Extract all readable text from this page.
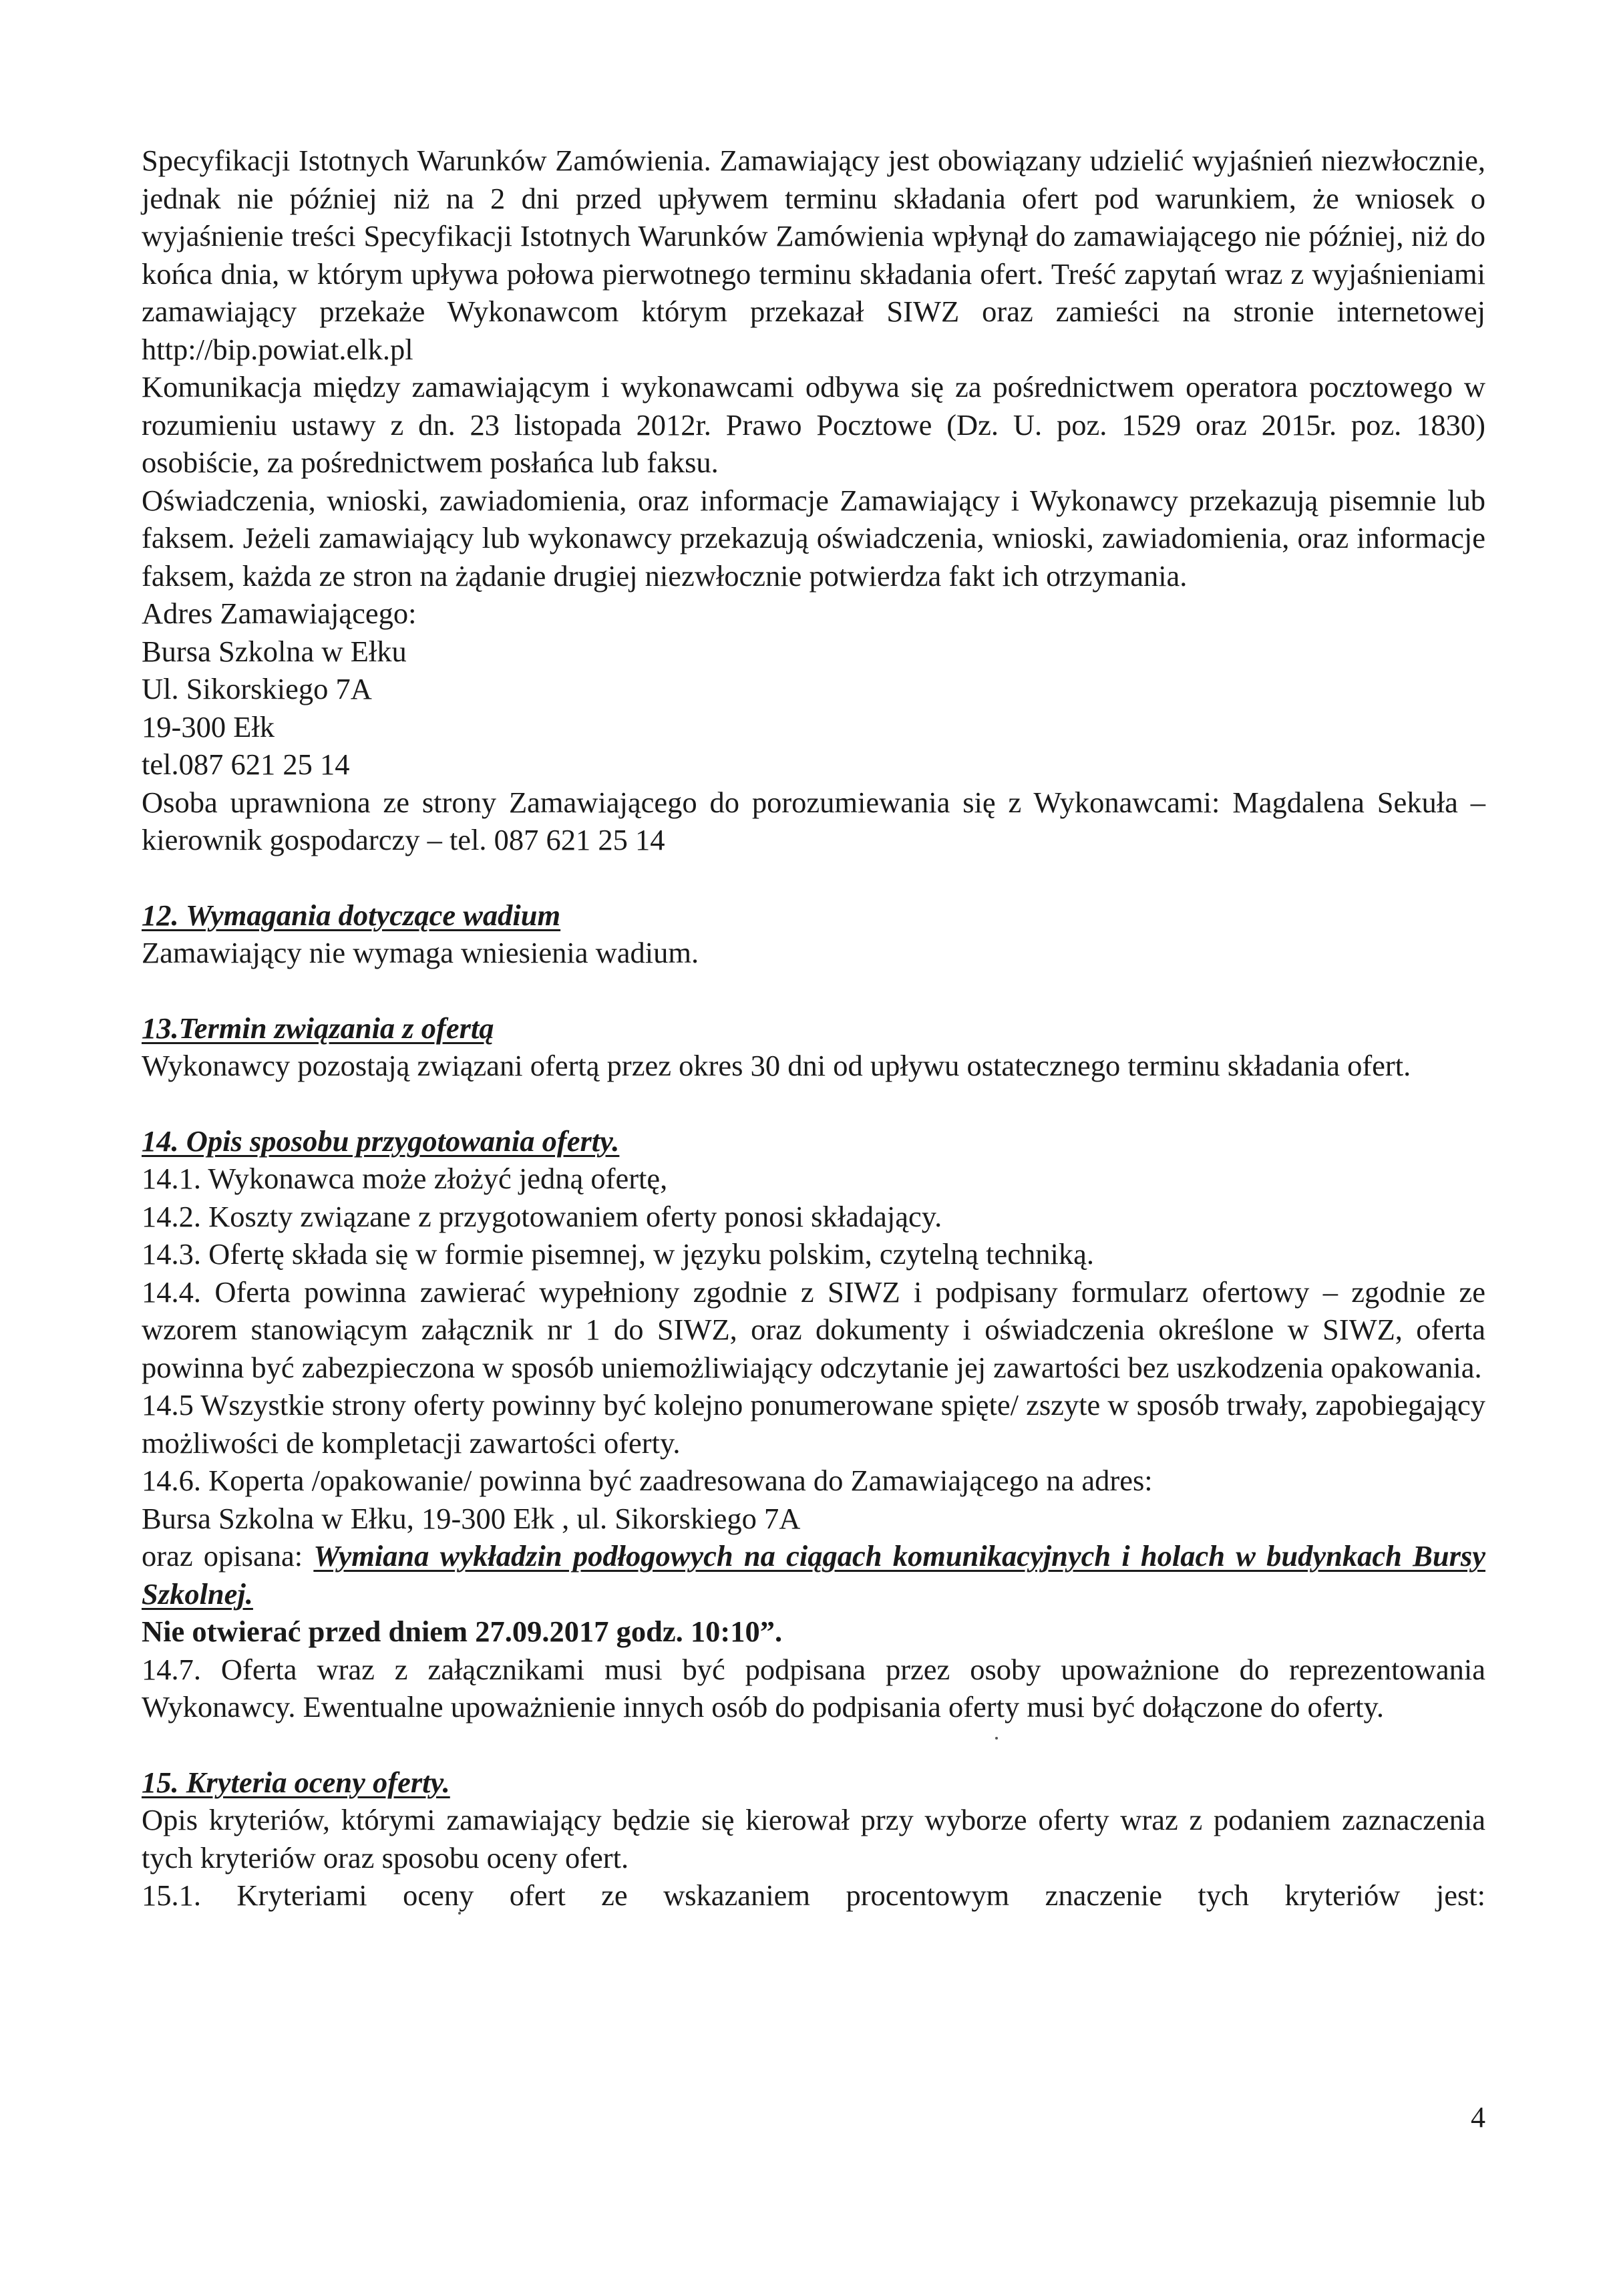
Specyfikacji Istotnych Warunków Zamówienia. Zamawiający jest obowiązany udzielić wyjaśnień niezwłocznie, jednak nie później niż na 2 dni przed upływem terminu składania ofert pod warunkiem, że wniosek o wyjaśnienie treści Specyfikacji Istotnych Warunków Zamówienia wpłynął do zamawiającego nie później, niż do końca dnia, w którym upływa połowa pierwotnego terminu składania ofert. Treść zapytań wraz z wyjaśnieniami zamawiający przekaże Wykonawcom którym przekazał SIWZ oraz zamieści na stronie internetowej http://bip.powiat.elk.pl

Komunikacja między zamawiającym i wykonawcami odbywa się za pośrednictwem operatora pocztowego w rozumieniu ustawy z dn. 23 listopada 2012r. Prawo Pocztowe (Dz. U. poz. 1529 oraz 2015r. poz. 1830) osobiście, za pośrednictwem posłańca lub faksu.

Oświadczenia, wnioski, zawiadomienia, oraz informacje Zamawiający i Wykonawcy przekazują pisemnie lub faksem. Jeżeli zamawiający lub wykonawcy przekazują oświadczenia, wnioski, zawiadomienia, oraz informacje faksem, każda ze stron na żądanie drugiej niezwłocznie potwierdza fakt ich otrzymania.

Adres Zamawiającego:

Bursa Szkolna w Ełku

Ul. Sikorskiego 7A

19-300 Ełk

tel.087 621 25 14

Osoba uprawniona ze strony Zamawiającego do porozumiewania się z Wykonawcami: Magdalena Sekuła – kierownik gospodarczy – tel. 087 621 25 14

12. Wymagania dotyczące wadium

Zamawiający nie wymaga wniesienia wadium.

13.Termin związania z ofertą

Wykonawcy pozostają związani ofertą przez okres 30 dni od upływu ostatecznego terminu składania ofert.

14. Opis sposobu przygotowania oferty.

14.1. Wykonawca może złożyć jedną ofertę,

14.2. Koszty związane z przygotowaniem oferty ponosi składający.

14.3. Ofertę składa się w formie pisemnej, w języku polskim, czytelną techniką.

14.4. Oferta powinna zawierać wypełniony zgodnie z SIWZ i podpisany formularz ofertowy – zgodnie ze wzorem stanowiącym załącznik nr 1 do SIWZ, oraz dokumenty i oświadczenia określone w SIWZ, oferta powinna być zabezpieczona w sposób uniemożliwiający odczytanie jej zawartości bez uszkodzenia opakowania.

14.5 Wszystkie strony oferty powinny być kolejno ponumerowane spięte/ zszyte w sposób trwały, zapobiegający możliwości de kompletacji zawartości oferty.

14.6. Koperta /opakowanie/ powinna być zaadresowana do Zamawiającego na adres:

Bursa Szkolna w Ełku, 19-300 Ełk , ul. Sikorskiego 7A

oraz opisana: Wymiana wykładzin podłogowych na ciągach komunikacyjnych i holach w budynkach Bursy Szkolnej.

Nie otwierać przed dniem 27.09.2017 godz. 10:10”.

14.7. Oferta wraz z załącznikami musi być podpisana przez osoby upoważnione do reprezentowania Wykonawcy. Ewentualne upoważnienie innych osób do podpisania oferty musi być dołączone do oferty.

15. Kryteria oceny oferty.

Opis kryteriów, którymi zamawiający będzie się kierował przy wyborze oferty wraz z podaniem zaznaczenia tych kryteriów oraz sposobu oceny ofert.

15.1. Kryteriami oceny ofert ze wskazaniem procentowym znaczenie tych kryteriów jest:

4
